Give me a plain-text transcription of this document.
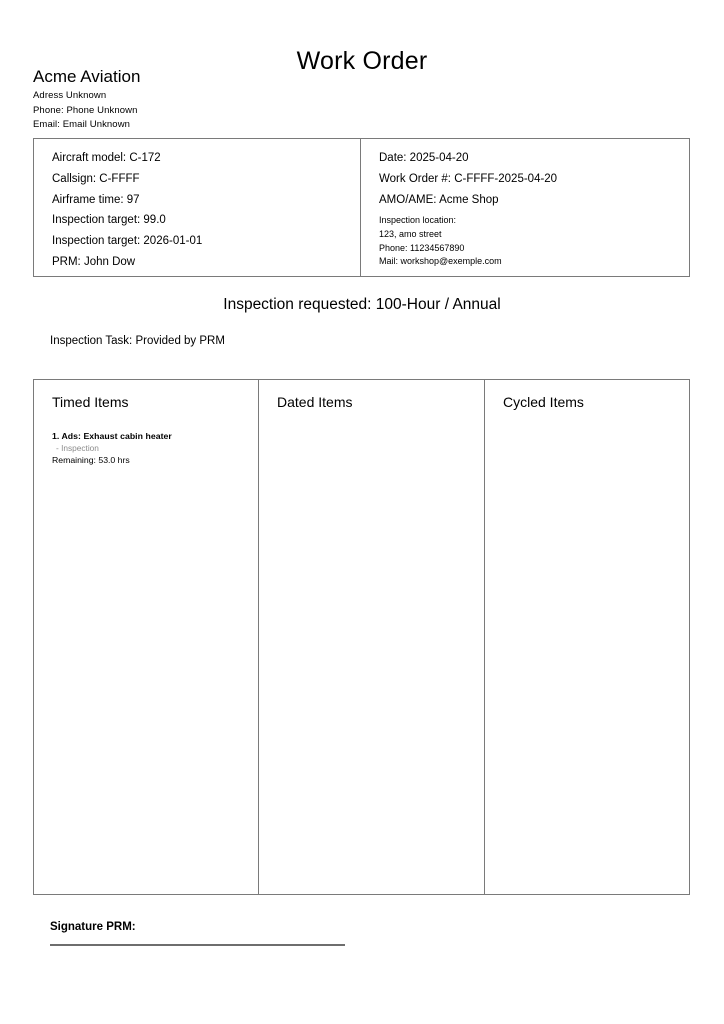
Work Order
Acme Aviation
Adress Unknown
Phone: Phone Unknown
Email: Email Unknown
Aircraft model: C-172
Callsign: C-FFFF
Airframe time: 97
Inspection target: 99.0
Inspection target: 2026-01-01
PRM: John Dow
Date: 2025-04-20
Work Order #: C-FFFF-2025-04-20
AMO/AME: Acme Shop
Inspection location:
123, amo street
Phone: 11234567890
Mail: workshop@exemple.com
Inspection requested: 100-Hour / Annual
Inspection Task: Provided by PRM
Timed Items
1. Ads: Exhaust cabin heater
- Inspection
Remaining: 53.0 hrs
Dated Items	Cycled Items
Signature PRM:
